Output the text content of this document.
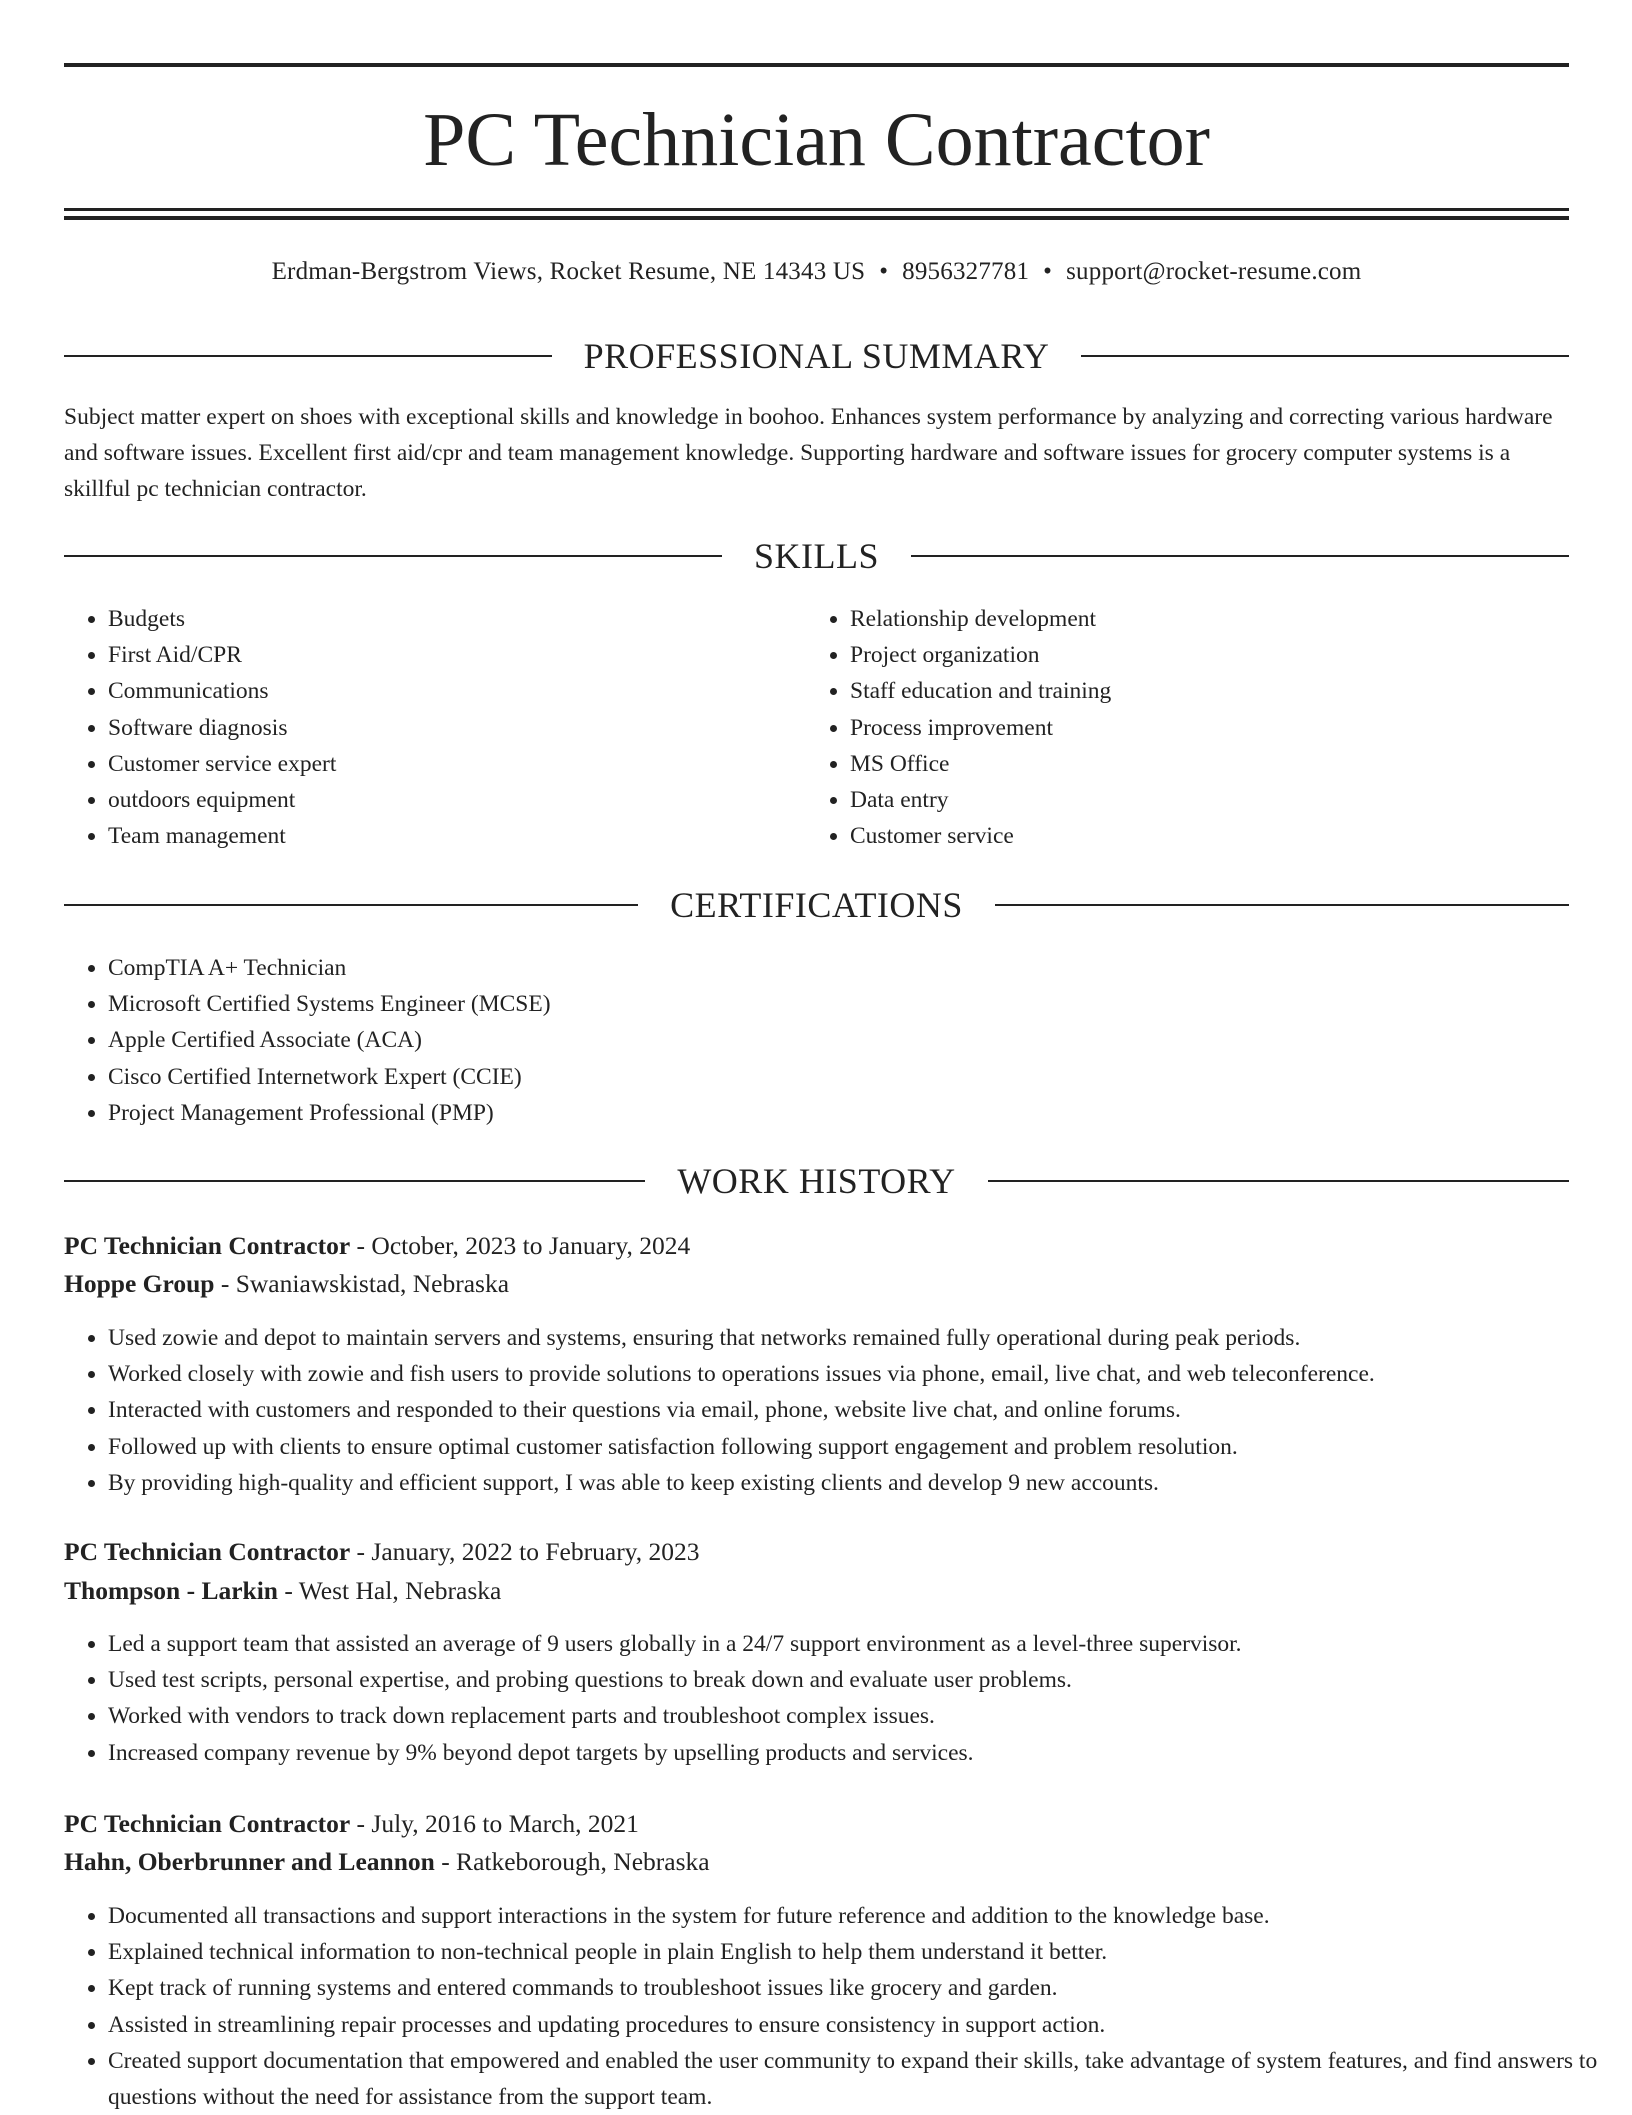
PC Technician Contractor
Erdman-Bergstrom Views, Rocket Resume, NE 14343 US • 8956327781 • support@rocket-resume.com
PROFESSIONAL SUMMARY

Subject matter expert on shoes with exceptional skills and knowledge in boohoo. Enhances system performance by analyzing and correcting various hardware and software issues. Excellent first aid/cpr and team management knowledge. Supporting hardware and software issues for grocery computer systems is a skillful pc technician contractor.

SKILLS
• Budgets
• First Aid/CPR
• Communications
• Software diagnosis
• Customer service expert
• outdoors equipment
• Team management
• Relationship development
• Project organization
• Staff education and training
• Process improvement
• MS Office
• Data entry
• Customer service
CERTIFICATIONS
• CompTIA A+ Technician
• Microsoft Certified Systems Engineer (MCSE)
• Apple Certified Associate (ACA)
• Cisco Certified Internetwork Expert (CCIE)
• Project Management Professional (PMP)
WORK HISTORY
PC Technician Contractor - October, 2023 to January, 2024
Hoppe Group - Swaniawskistad, Nebraska
• Used zowie and depot to maintain servers and systems, ensuring that networks remained fully operational during peak periods.
• Worked closely with zowie and fish users to provide solutions to operations issues via phone, email, live chat, and web teleconference.
• Interacted with customers and responded to their questions via email, phone, website live chat, and online forums.
• Followed up with clients to ensure optimal customer satisfaction following support engagement and problem resolution.
• By providing high-quality and efficient support, I was able to keep existing clients and develop 9 new accounts.
PC Technician Contractor - January, 2022 to February, 2023
Thompson - Larkin - West Hal, Nebraska
• Led a support team that assisted an average of 9 users globally in a 24/7 support environment as a level-three supervisor.
• Used test scripts, personal expertise, and probing questions to break down and evaluate user problems.
• Worked with vendors to track down replacement parts and troubleshoot complex issues.
• Increased company revenue by 9% beyond depot targets by upselling products and services.
PC Technician Contractor - July, 2016 to March, 2021
Hahn, Oberbrunner and Leannon - Ratkeborough, Nebraska
• Documented all transactions and support interactions in the system for future reference and addition to the knowledge base.
• Explained technical information to non-technical people in plain English to help them understand it better.
• Kept track of running systems and entered commands to troubleshoot issues like grocery and garden.
• Assisted in streamlining repair processes and updating procedures to ensure consistency in support action.
• Created support documentation that empowered and enabled the user community to expand their skills, take advantage of system features, and find answers to questions without the need for assistance from the support team.
